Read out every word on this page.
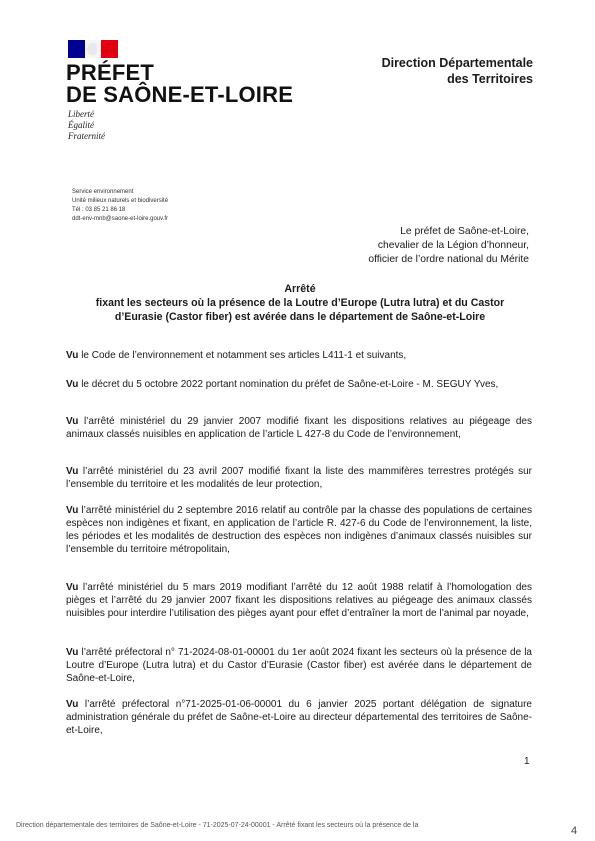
PRÉFET
DE SAÔNE-ET-LOIRE
Liberté
Égalité
Fraternité
Direction Départementale
des Territoires
Service environnement
Unité milieux naturels et biodiversité
Tél : 03 85 21 86 18
ddt-env-mnb@saone-et-loire.gouv.fr
Le préfet de Saône-et-Loire,
chevalier de la Légion d’honneur,
officier de l’ordre national du Mérite
Arrêté
fixant les secteurs où la présence de la Loutre d’Europe (Lutra lutra) et du Castor
d’Eurasie (Castor fiber) est avérée dans le département de Saône-et-Loire
Vu le Code de l’environnement et notamment ses articles L411-1 et suivants,
Vu le décret du 5 octobre 2022 portant nomination du préfet de Saône-et-Loire - M. SEGUY Yves,
Vu l’arrêté ministériel du 29 janvier 2007 modifié fixant les dispositions relatives au piégeage des animaux classés nuisibles en application de l’article L 427-8 du Code de l’environnement,
Vu l’arrêté ministériel du 23 avril 2007 modifié fixant la liste des mammifères terrestres protégés sur l’ensemble du territoire et les modalités de leur protection,
Vu l’arrêté ministériel du 2 septembre 2016 relatif au contrôle par la chasse des populations de certaines espèces non indigènes et fixant, en application de l’article R. 427-6 du Code de l’environnement, la liste, les périodes et les modalités de destruction des espèces non indigènes d’animaux classés nuisibles sur l’ensemble du territoire métropolitain,
Vu l’arrêté ministériel du 5 mars 2019 modifiant l’arrêté du 12 août 1988 relatif à l’homologation des pièges et l’arrêté du 29 janvier 2007 fixant les dispositions relatives au piégeage des animaux classés nuisibles pour interdire l’utilisation des pièges ayant pour effet d’entraîner la mort de l’animal par noyade,
Vu l’arrêté préfectoral n° 71-2024-08-01-00001 du 1er août 2024 fixant les secteurs où la présence de la Loutre d’Europe (Lutra lutra) et du Castor d’Eurasie (Castor fiber) est avérée dans le département de Saône-et-Loire,
Vu l’arrêté préfectoral n°71-2025-01-06-00001 du 6 janvier 2025 portant délégation de signature administration générale du préfet de Saône-et-Loire au directeur départemental des territoires de Saône-et-Loire,
1
Direction départementale des territoires de Saône-et-Loire - 71-2025-07-24-00001 - Arrêté fixant les secteurs où la présence de la	4
